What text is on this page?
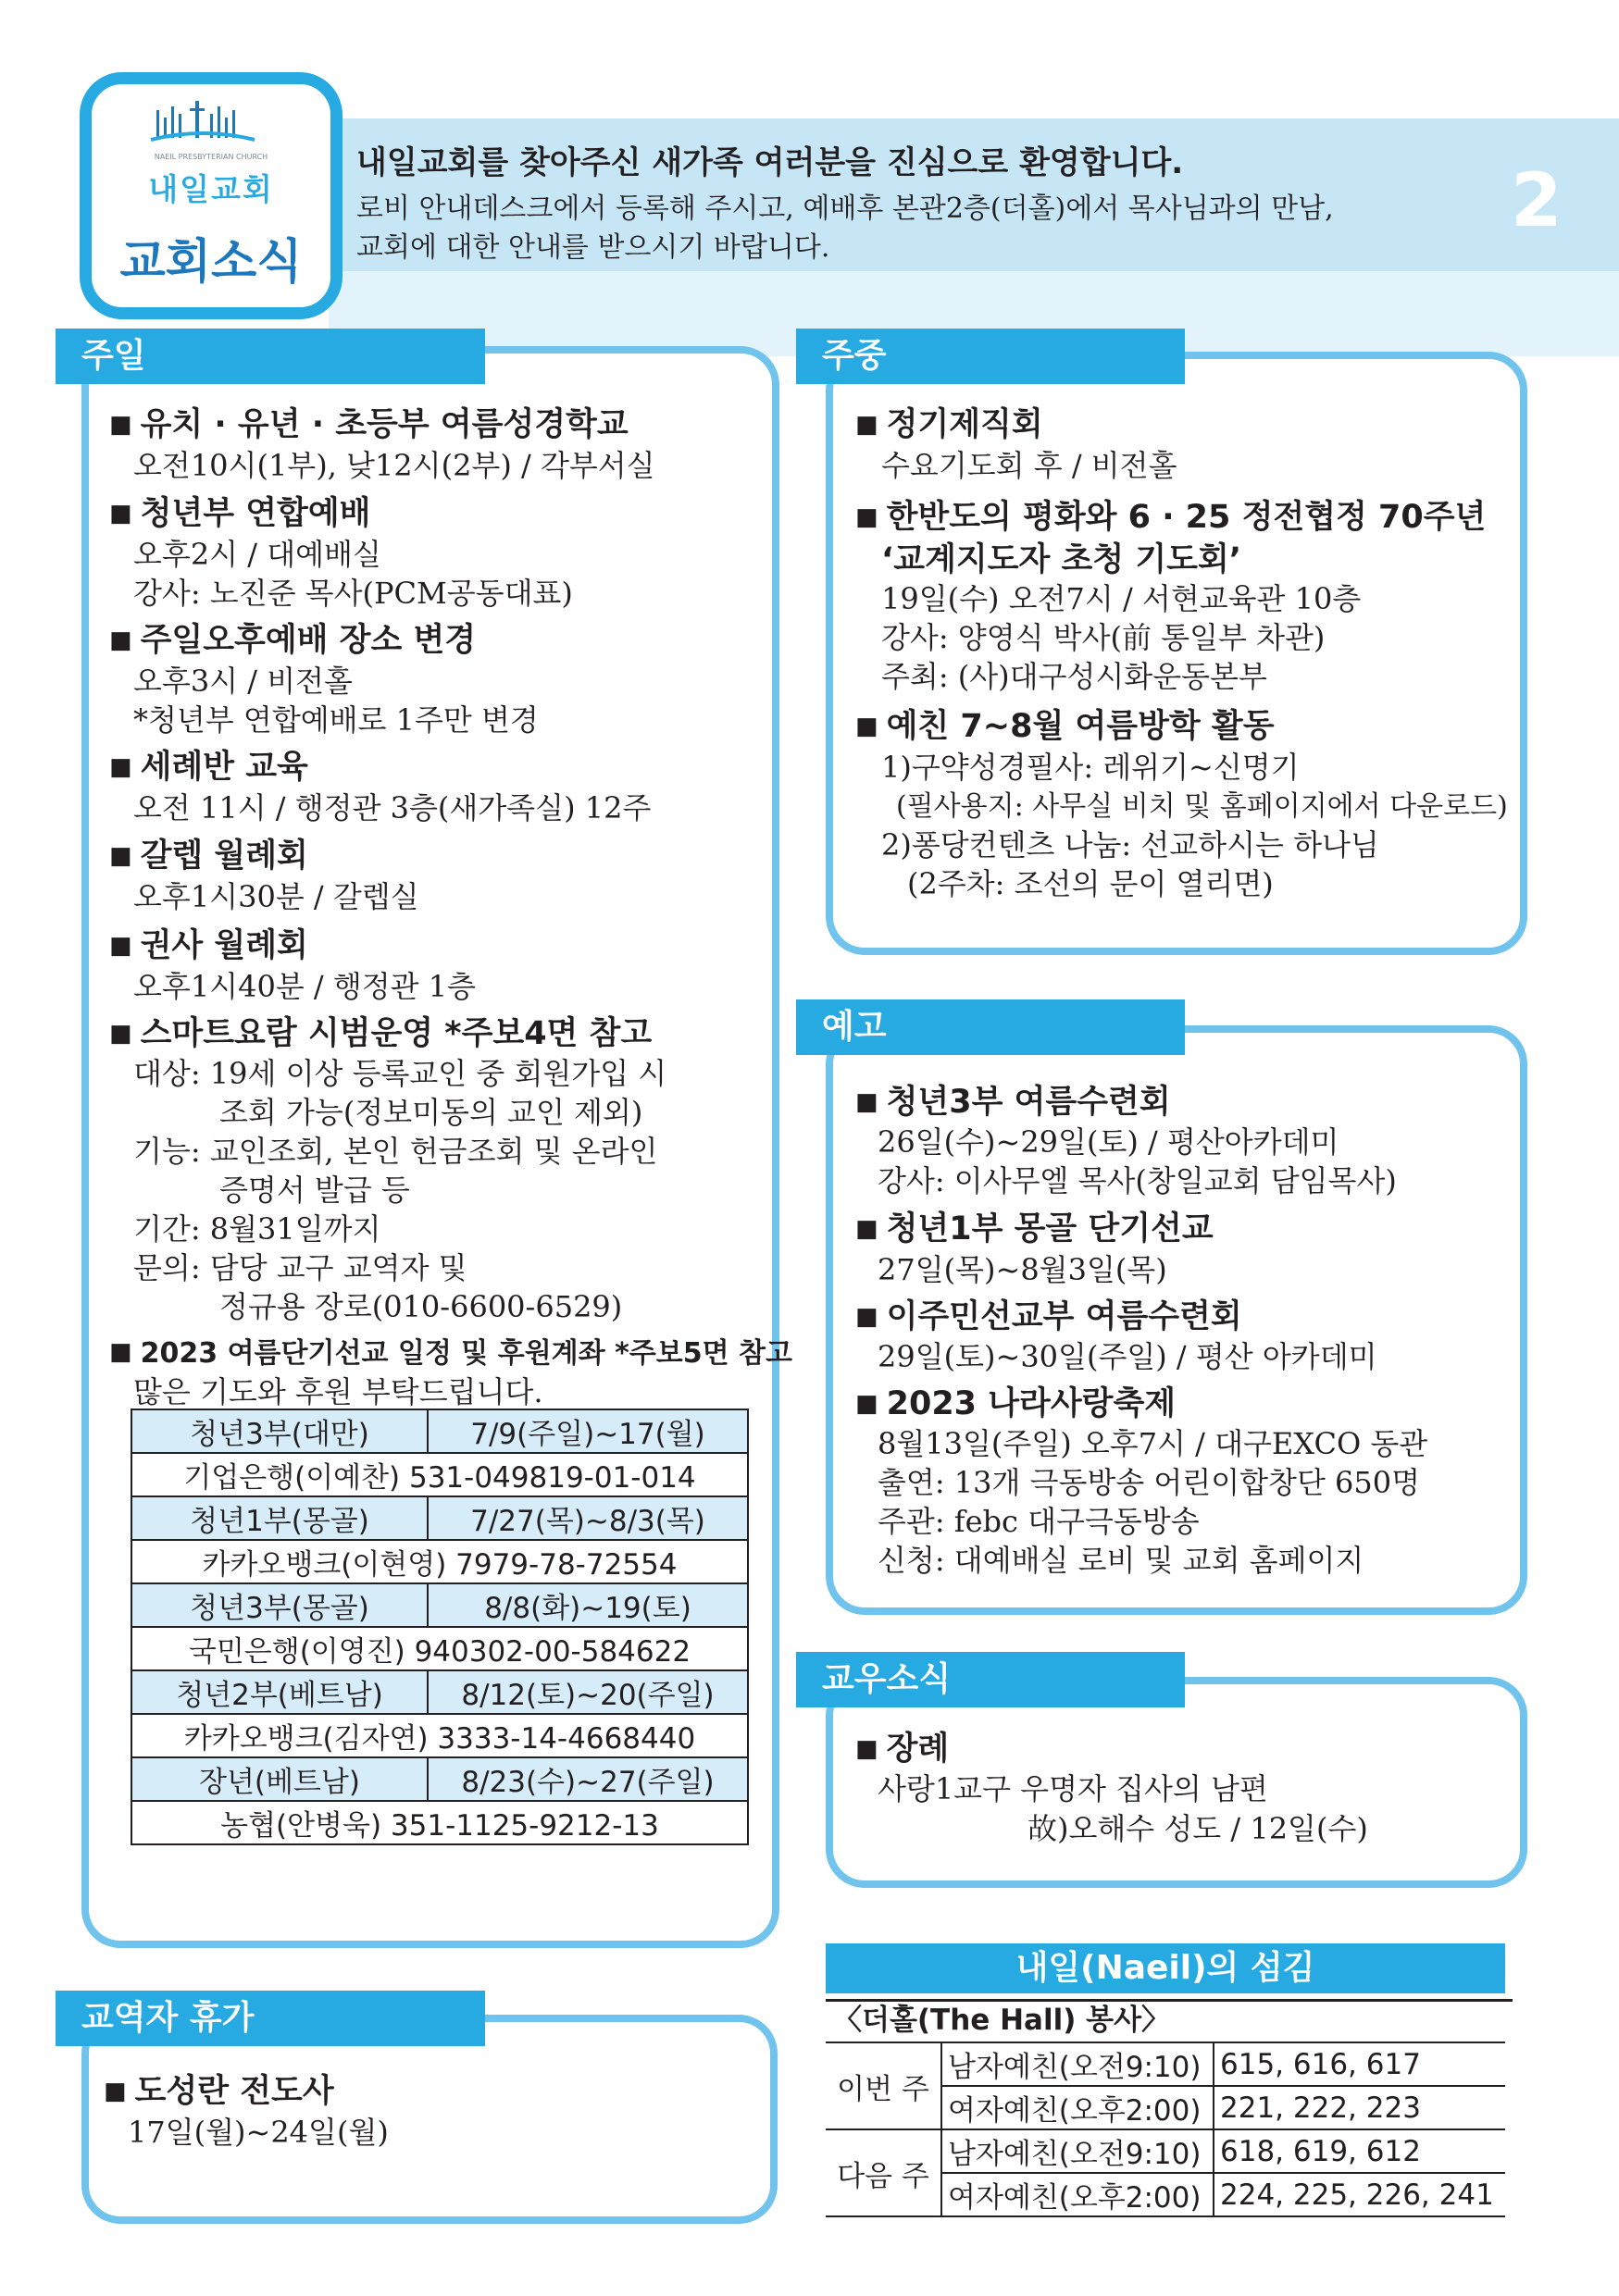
NAEIL PRESBYTERIAN CHURCH
내일교회
교회소식
내일교회를 찾아주신 새가족 여러분을 진심으로 환영합니다.
로비 안내데스크에서 등록해 주시고, 예배후 본관2층(더홀)에서 목사님과의 만남,
교회에 대한 안내를 받으시기 바랍니다.
2
주일
■ 유치 · 유년 · 초등부 여름성경학교
오전10시(1부), 낮12시(2부) / 각부서실
■ 청년부 연합예배
오후2시 / 대예배실
강사: 노진준 목사(PCM공동대표)
■ 주일오후예배 장소 변경
오후3시 / 비전홀
*청년부 연합예배로 1주만 변경
■ 세례반 교육
오전 11시 / 행정관 3층(새가족실) 12주
■ 갈렙 월례회
오후1시30분 / 갈렙실
■ 권사 월례회
오후1시40분 / 행정관 1층
■ 스마트요람 시범운영 *주보4면 참고
대상: 19세 이상 등록교인 중 회원가입 시
조회 가능(정보미동의 교인 제외)
기능: 교인조회, 본인 헌금조회 및 온라인
증명서 발급 등
기간: 8월31일까지
문의: 담당 교구 교역자 및
정규용 장로(010-6600-6529)
■ 2023 여름단기선교 일정 및 후원계좌 *주보5면 참고
많은 기도와 후원 부탁드립니다.
청년3부(대만)	7/9(주일)~17(월)
기업은행(이예찬) 531-049819-01-014	
청년1부(몽골)	7/27(목)~8/3(목)
카카오뱅크(이현영) 7979-78-72554	
청년3부(몽골)	8/8(화)~19(토)
국민은행(이영진) 940302-00-584622	
청년2부(베트남)	8/12(토)~20(주일)
카카오뱅크(김자연) 3333-14-4668440	
장년(베트남)	8/23(수)~27(주일)
농협(안병욱) 351-1125-9212-13	
주중
■ 정기제직회
수요기도회 후 / 비전홀
■ 한반도의 평화와 6 · 25 정전협정 70주년
‘교계지도자 초청 기도회’
19일(수) 오전7시 / 서현교육관 10층
강사: 양영식 박사(前 통일부 차관)
주최: (사)대구성시화운동본부
■ 예친 7~8월 여름방학 활동
1)구약성경필사: 레위기~신명기
(필사용지: 사무실 비치 및 홈페이지에서 다운로드)
2)퐁당컨텐츠 나눔: 선교하시는 하나님
(2주차: 조선의 문이 열리면)
예고
■ 청년3부 여름수련회
26일(수)~29일(토) / 평산아카데미
강사: 이사무엘 목사(창일교회 담임목사)
■ 청년1부 몽골 단기선교
27일(목)~8월3일(목)
■ 이주민선교부 여름수련회
29일(토)~30일(주일) / 평산 아카데미
■ 2023 나라사랑축제
8월13일(주일) 오후7시 / 대구EXCO 동관
출연: 13개 극동방송 어린이합창단 650명
주관: febc 대구극동방송
신청: 대예배실 로비 및 교회 홈페이지
교우소식
■ 장례
사랑1교구 우명자 집사의 남편
故)오해수 성도 / 12일(수)
교역자 휴가
■ 도성란 전도사
17일(월)~24일(월)
내일(Naeil)의 섬김
〈더홀(The Hall) 봉사〉
이번 주	남자예친(오전9:10)	615, 616, 617
	여자예친(오후2:00)	221, 222, 223
다음 주	남자예친(오전9:10)	618, 619, 612
	여자예친(오후2:00)	224, 225, 226, 241
